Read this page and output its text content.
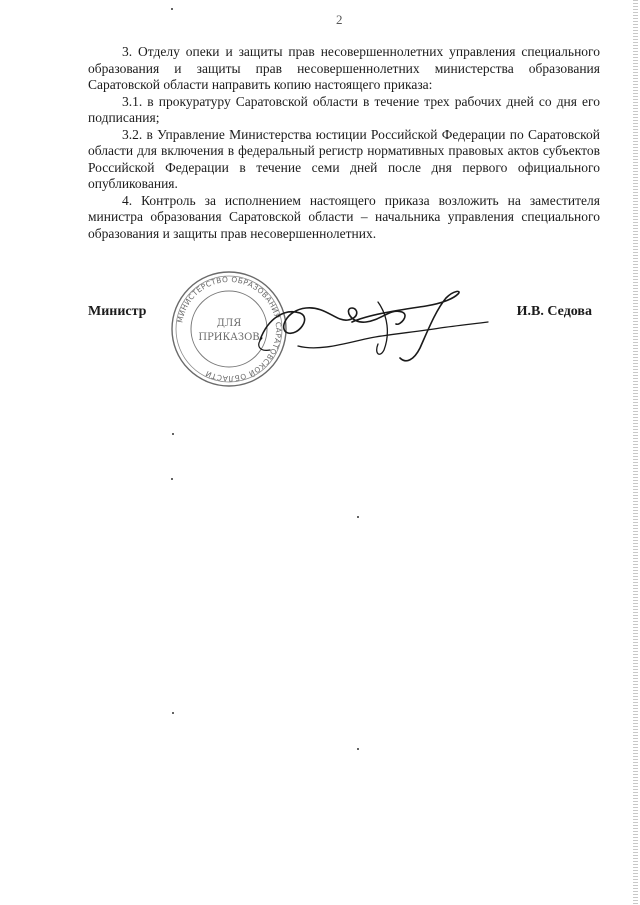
2

3. Отделу опеки и защиты прав несовершеннолетних управления специального образования и защиты прав несовершеннолетних министерства образования Саратовской области направить копию настоящего приказа:

3.1. в прокуратуру Саратовской области в течение трех рабочих дней со дня его подписания;

3.2. в Управление Министерства юстиции Российской Федерации по Саратовской области для включения в федеральный регистр нормативных правовых актов субъектов Российской Федерации в течение семи дней после дня первого официального опубликования.

4. Контроль за исполнением настоящего приказа возложить на заместителя министра образования Саратовской области – начальника управления специального образования и защиты прав несовершеннолетних.

МИНИСТЕРСТВО ОБРАЗОВАНИЯ САРАТОВСКОЙ ОБЛАСТИ
ДЛЯ
ПРИКАЗОВ
Министр	И.В. Седова
